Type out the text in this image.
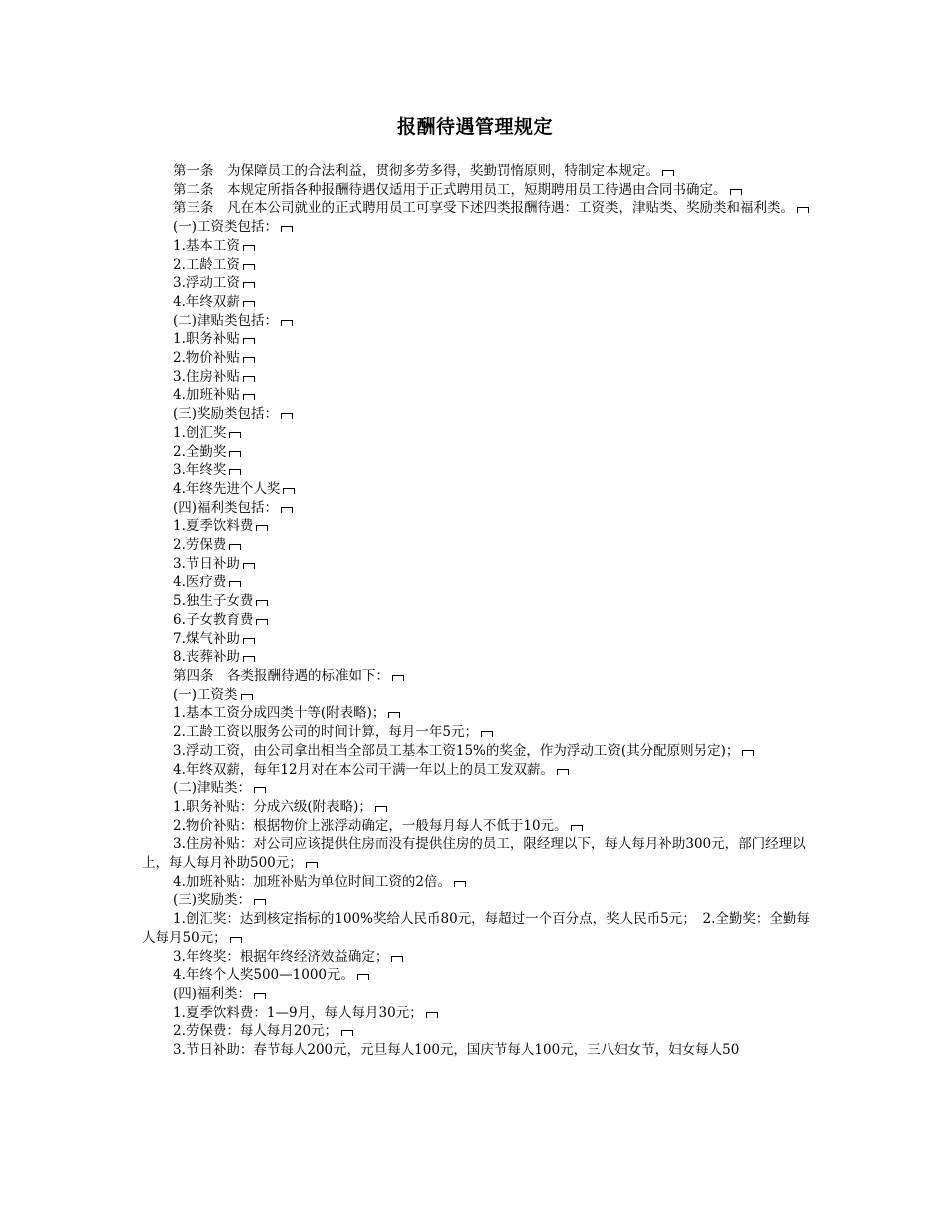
报酬待遇管理规定

第一条　为保障员工的合法利益，贯彻多劳多得，奖勤罚惰原则，特制定本规定。

第二条　本规定所指各种报酬待遇仅适用于正式聘用员工，短期聘用员工待遇由合同书确定。

第三条　凡在本公司就业的正式聘用员工可享受下述四类报酬待遇：工资类，津贴类、奖励类和福利类。

(一)工资类包括：

1.基本工资

2.工龄工资

3.浮动工资

4.年终双薪

(二)津贴类包括：

1.职务补贴

2.物价补贴

3.住房补贴

4.加班补贴

(三)奖励类包括：

1.创汇奖

2.全勤奖

3.年终奖

4.年终先进个人奖

(四)福利类包括：

1.夏季饮料费

2.劳保费

3.节日补助

4.医疗费

5.独生子女费

6.子女教育费

7.煤气补助

8.丧葬补助

第四条　各类报酬待遇的标准如下：

(一)工资类

1.基本工资分成四类十等(附表略)；

2.工龄工资以服务公司的时间计算，每月一年5元；

3.浮动工资，由公司拿出相当全部员工基本工资15%的奖金，作为浮动工资(其分配原则另定)；

4.年终双薪，每年12月对在本公司干满一年以上的员工发双薪。

(二)津贴类：

1.职务补贴：分成六级(附表略)；

2.物价补贴：根据物价上涨浮动确定，一般每月每人不低于10元。

3.住房补贴：对公司应该提供住房而没有提供住房的员工，限经理以下，每人每月补助300元，部门经理以上，每人每月补助500元；

4.加班补贴：加班补贴为单位时间工资的2倍。

(三)奖励类：

1.创汇奖：达到核定指标的100%奖给人民币80元，每超过一个百分点，奖人民币5元；　2.全勤奖：全勤每人每月50元；

3.年终奖：根据年终经济效益确定；

4.年终个人奖500—1000元。

(四)福利类：

1.夏季饮料费：1—9月，每人每月30元；

2.劳保费：每人每月20元；

3.节日补助：春节每人200元，元旦每人100元，国庆节每人100元，三八妇女节，妇女每人50
